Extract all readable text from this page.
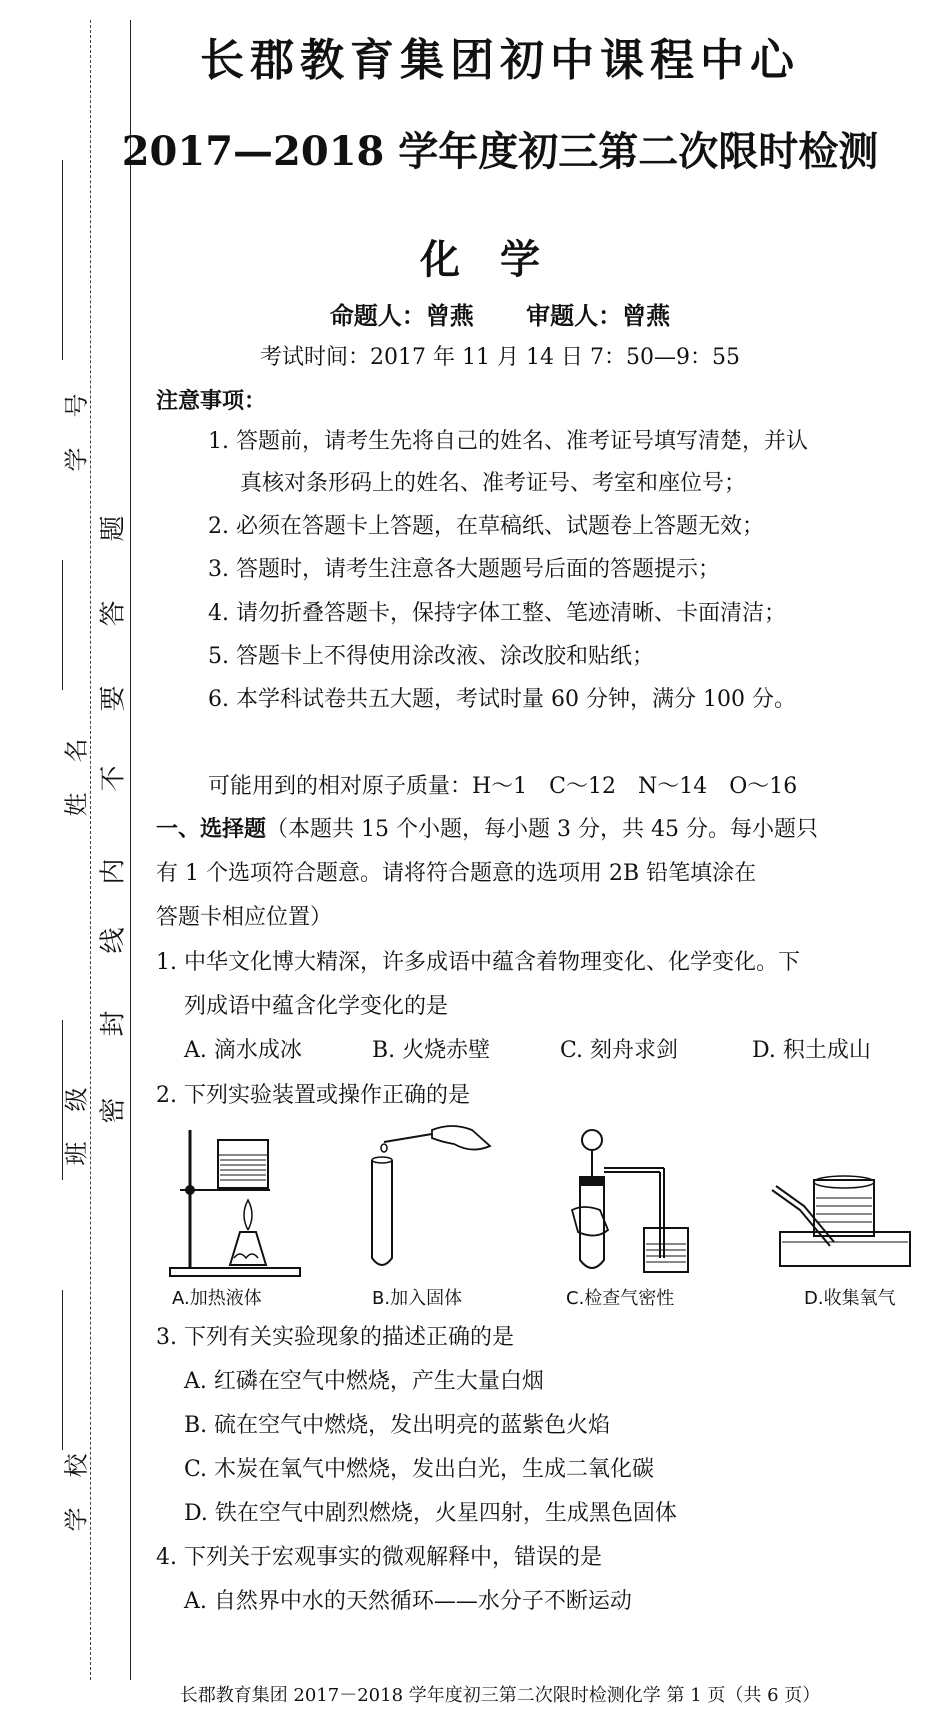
学号
姓名
班级
学校
密
封
线
内
不
要
答
题
长郡教育集团初中课程中心
2017—2018 学年度初三第二次限时检测
化学
命题人：曾燕 审题人：曾燕
考试时间：2017 年 11 月 14 日 7：50—9：55
注意事项：
1. 答题前，请考生先将自己的姓名、准考证号填写清楚，并认
真核对条形码上的姓名、准考证号、考室和座位号；
2. 必须在答题卡上答题，在草稿纸、试题卷上答题无效；
3. 答题时，请考生注意各大题题号后面的答题提示；
4. 请勿折叠答题卡，保持字体工整、笔迹清晰、卡面清洁；
5. 答题卡上不得使用涂改液、涂改胶和贴纸；
6. 本学科试卷共五大题，考试时量 60 分钟，满分 100 分。
可能用到的相对原子质量：H～1　C～12　N～14　O～16
一、选择题（本题共 15 个小题，每小题 3 分，共 45 分。每小题只
有 1 个选项符合题意。请将符合题意的选项用 2B 铅笔填涂在
答题卡相应位置）
1. 中华文化博大精深，许多成语中蕴含着物理变化、化学变化。下
列成语中蕴含化学变化的是
A. 滴水成冰	B. 火烧赤壁	C. 刻舟求剑	D. 积土成山
2. 下列实验装置或操作正确的是
A.加热液体	B.加入固体	C.检查气密性	D.收集氧气
3. 下列有关实验现象的描述正确的是
A. 红磷在空气中燃烧，产生大量白烟
B. 硫在空气中燃烧，发出明亮的蓝紫色火焰
C. 木炭在氧气中燃烧，发出白光，生成二氧化碳
D. 铁在空气中剧烈燃烧，火星四射，生成黑色固体
4. 下列关于宏观事实的微观解释中，错误的是
A. 自然界中水的天然循环——水分子不断运动
长郡教育集团 2017－2018 学年度初三第二次限时检测化学 第 1 页（共 6 页）
